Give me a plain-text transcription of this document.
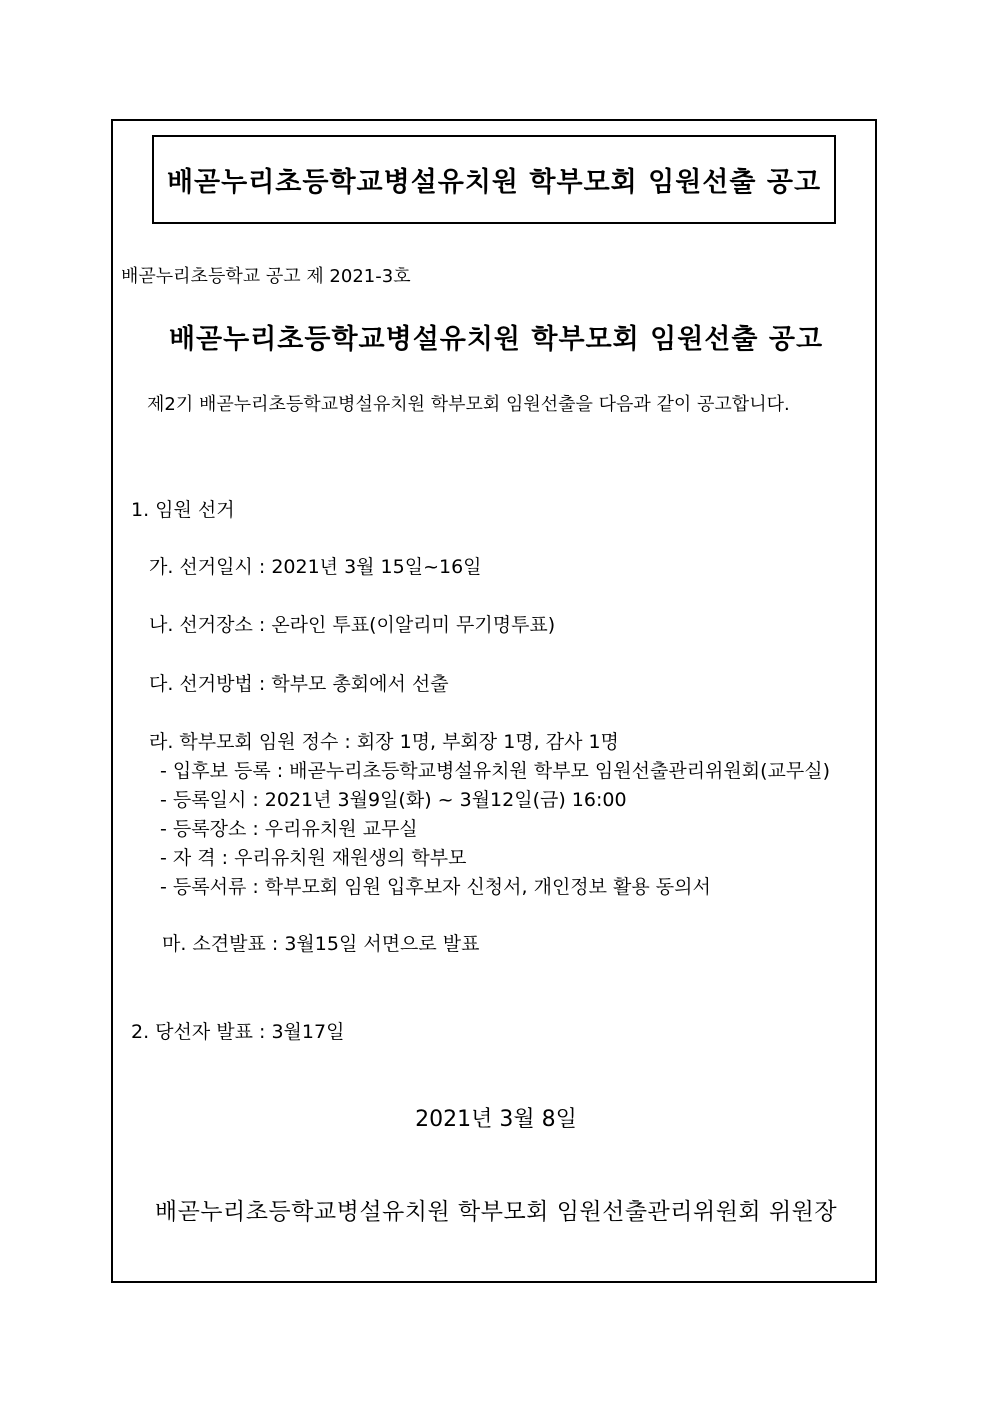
배곧누리초등학교병설유치원 학부모회 임원선출 공고
배곧누리초등학교 공고 제 2021-3호
배곧누리초등학교병설유치원 학부모회 임원선출 공고
제2기 배곧누리초등학교병설유치원 학부모회 임원선출을 다음과 같이 공고합니다.
1. 임원 선거
가. 선거일시 : 2021년 3월 15일~16일
나. 선거장소 : 온라인 투표(이알리미 무기명투표)
다. 선거방법 : 학부모 총회에서 선출
라. 학부모회 임원 정수 : 회장 1명, 부회장 1명, 감사 1명
- 입후보 등록 : 배곧누리초등학교병설유치원 학부모 임원선출관리위원회(교무실)
- 등록일시 : 2021년 3월9일(화) ~ 3월12일(금) 16:00
- 등록장소 : 우리유치원 교무실
- 자 격 : 우리유치원 재원생의 학부모
- 등록서류 : 학부모회 임원 입후보자 신청서, 개인정보 활용 동의서
마. 소견발표 : 3월15일 서면으로 발표
2. 당선자 발표 : 3월17일
2021년 3월 8일
배곧누리초등학교병설유치원 학부모회 임원선출관리위원회 위원장
